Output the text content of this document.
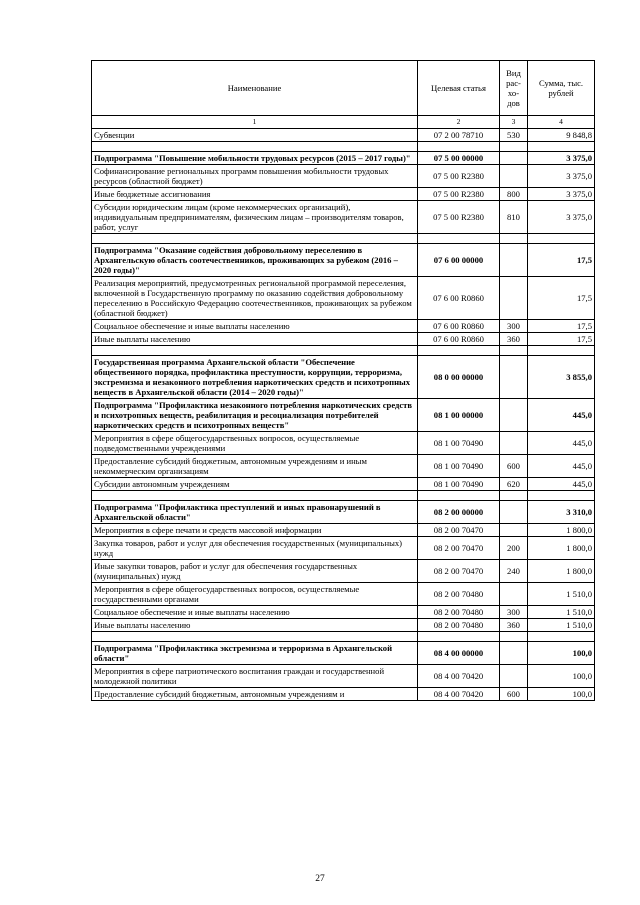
Наименование	Целевая статья	Вид рас-хо-дов	Сумма, тыс. рублей
1	2	3	4
Субвенции	07 2 00 78710	530	9 848,8

Подпрограмма "Повышение мобильности трудовых ресурсов (2015 – 2017 годы)"	07 5 00 00000		3 375,0
Софинансирование региональных программ повышения мобильности трудовых ресурсов (областной бюджет)	07 5 00 R2380		3 375,0
Иные бюджетные ассигнования	07 5 00 R2380	800	3 375,0
Субсидии юридическим лицам (кроме некоммерческих организаций), индивидуальным предпринимателям, физическим лицам – производителям товаров, работ, услуг	07 5 00 R2380	810	3 375,0

Подпрограмма "Оказание содействия добровольному переселению в Архангельскую область соотечественников, проживающих за рубежом (2016 – 2020 годы)"	07 6 00 00000		17,5
Реализация мероприятий, предусмотренных региональной программой переселения, включенной в Государственную программу по оказанию содействия добровольному переселению в Российскую Федерацию соотечественников, проживающих за рубежом (областной бюджет)	07 6 00 R0860		17,5
Социальное обеспечение и иные выплаты населению	07 6 00 R0860	300	17,5
Иные выплаты населению	07 6 00 R0860	360	17,5

Государственная программа Архангельской области "Обеспечение общественного порядка, профилактика преступности, коррупции, терроризма, экстремизма и незаконного потребления наркотических средств и психотропных веществ в Архангельской области (2014 – 2020 годы)"	08 0 00 00000		3 855,0
Подпрограмма "Профилактика незаконного потребления наркотических средств и психотропных веществ, реабилитация и ресоциализация потребителей наркотических средств и психотропных веществ"	08 1 00 00000		445,0
Мероприятия в сфере общегосударственных вопросов, осуществляемые подведомственными учреждениями	08 1 00 70490		445,0
Предоставление субсидий бюджетным, автономным учреждениям и иным некоммерческим организациям	08 1 00 70490	600	445,0
Субсидии автономным учреждениям	08 1 00 70490	620	445,0

Подпрограмма "Профилактика преступлений и иных правонарушений в Архангельской области"	08 2 00 00000		3 310,0
Мероприятия в сфере печати и средств массовой информации	08 2 00 70470		1 800,0
Закупка товаров, работ и услуг для обеспечения государственных (муниципальных) нужд	08 2 00 70470	200	1 800,0
Иные закупки товаров, работ и услуг для обеспечения государственных (муниципальных) нужд	08 2 00 70470	240	1 800,0
Мероприятия в сфере общегосударственных вопросов, осуществляемые государственными органами	08 2 00 70480		1 510,0
Социальное обеспечение и иные выплаты населению	08 2 00 70480	300	1 510,0
Иные выплаты населению	08 2 00 70480	360	1 510,0

Подпрограмма "Профилактика экстремизма и терроризма в Архангельской области"	08 4 00 00000		100,0
Мероприятия в сфере патриотического воспитания граждан и государственной молодежной политики	08 4 00 70420		100,0
Предоставление субсидий бюджетным, автономным учреждениям и	08 4 00 70420	600	100,0
27
